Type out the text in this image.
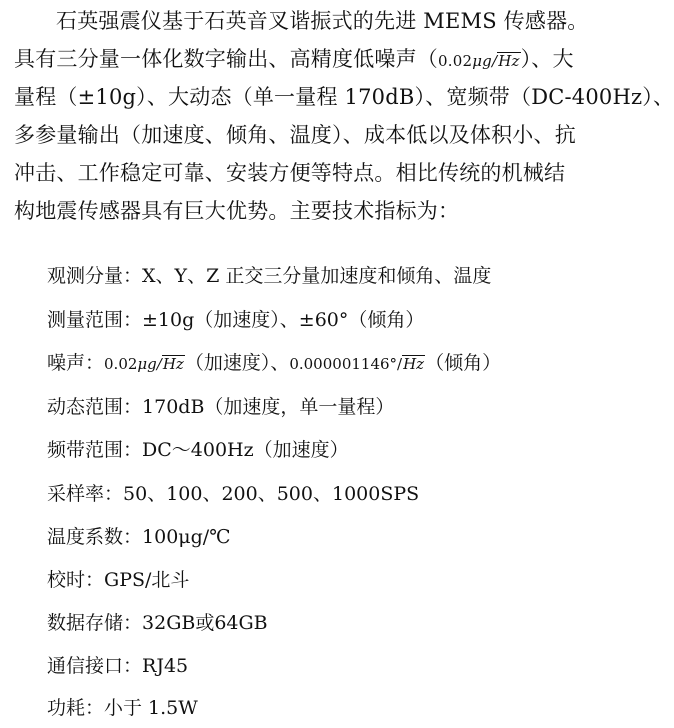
石英强震仪基于石英音叉谐振式的先进 MEMS 传感器。
具有三分量一体化数字输出、高精度低噪声（0.02μg/Hz）、大
量程（±10g）、大动态（单一量程 170dB）、宽频带（DC-400Hz）、
多参量输出（加速度、倾角、温度）、成本低以及体积小、抗
冲击、工作稳定可靠、安装方便等特点。相比传统的机械结
构地震传感器具有巨大优势。主要技术指标为：
观测分量：X、Y、Z 正交三分量加速度和倾角、温度
测量范围：±10g（加速度）、±60°（倾角）
噪声：0.02μg/Hz（加速度）、0.000001146°/Hz（倾角）
动态范围：170dB（加速度，单一量程）
频带范围：DC～400Hz（加速度）
采样率：50、100、200、500、1000SPS
温度系数：100μg/℃
校时：GPS/北斗
数据存储：32GB或64GB
通信接口：RJ45
功耗：小于 1.5W
